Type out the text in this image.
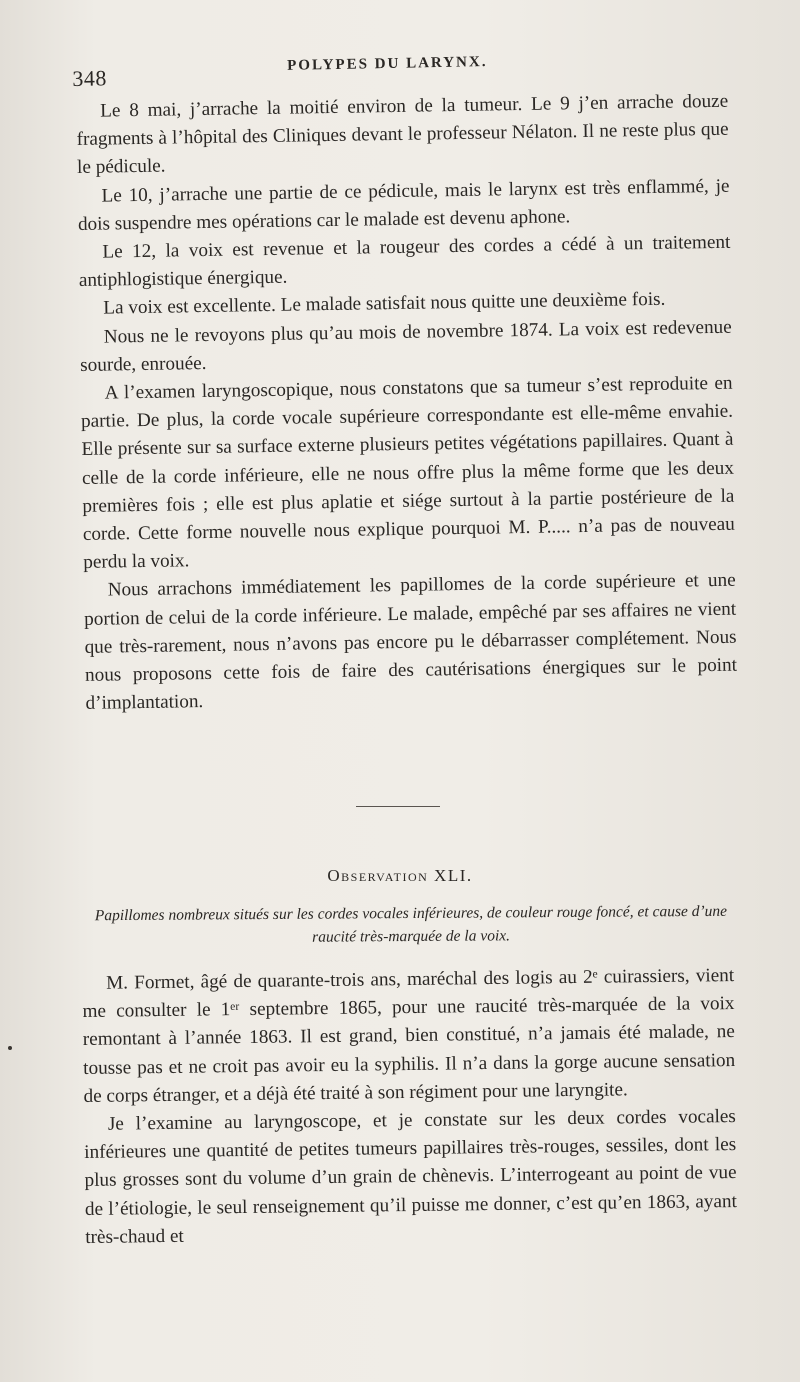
348
POLYPES DU LARYNX.

Le 8 mai, j’arrache la moitié environ de la tumeur. Le 9 j’en arrache douze fragments à l’hôpital des Cliniques devant le professeur Nélaton. Il ne reste plus que le pédicule.

Le 10, j’arrache une partie de ce pédicule, mais le larynx est très enflammé, je dois suspendre mes opérations car le malade est devenu aphone.

Le 12, la voix est revenue et la rougeur des cordes a cédé à un traitement antiphlogistique énergique.

La voix est excellente. Le malade satisfait nous quitte une deuxième fois.

Nous ne le revoyons plus qu’au mois de novembre 1874. La voix est redevenue sourde, enrouée.

A l’examen laryngoscopique, nous constatons que sa tumeur s’est reproduite en partie. De plus, la corde vocale supérieure correspondante est elle-même envahie. Elle présente sur sa surface externe plusieurs petites végétations papillaires. Quant à celle de la corde inférieure, elle ne nous offre plus la même forme que les deux premières fois ; elle est plus aplatie et siége surtout à la partie postérieure de la corde. Cette forme nouvelle nous explique pourquoi M. P..... n’a pas de nouveau perdu la voix.

Nous arrachons immédiatement les papillomes de la corde supérieure et une portion de celui de la corde inférieure. Le malade, empêché par ses affaires ne vient que très-rarement, nous n’avons pas encore pu le débarrasser complétement. Nous nous proposons cette fois de faire des cautérisations énergiques sur le point d’implantation.

Observation XLI.
Papillomes nombreux situés sur les cordes vocales inférieures, de couleur rouge foncé, et cause d’une raucité très-marquée de la voix.

M. Formet, âgé de quarante-trois ans, maréchal des logis au 2ᵉ cuirassiers, vient me consulter le 1ᵉʳ septembre 1865, pour une raucité très-marquée de la voix remontant à l’année 1863. Il est grand, bien constitué, n’a jamais été malade, ne tousse pas et ne croit pas avoir eu la syphilis. Il n’a dans la gorge aucune sensation de corps étranger, et a déjà été traité à son régiment pour une laryngite.

Je l’examine au laryngoscope, et je constate sur les deux cordes vocales inférieures une quantité de petites tumeurs papillaires très-rouges, sessiles, dont les plus grosses sont du volume d’un grain de chènevis. L’interrogeant au point de vue de l’étiologie, le seul renseignement qu’il puisse me donner, c’est qu’en 1863, ayant très-chaud et
